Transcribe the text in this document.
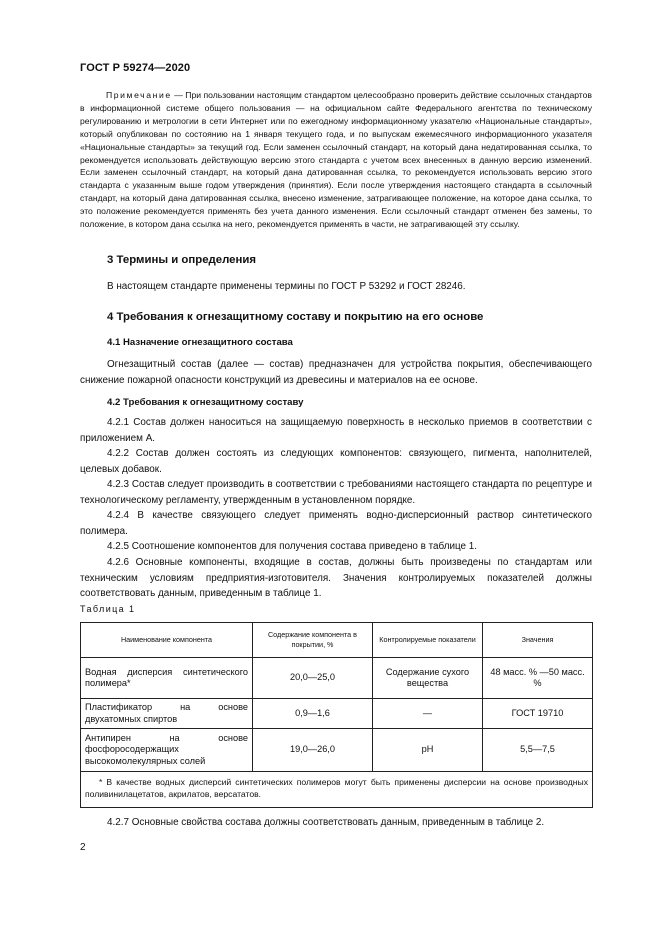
ГОСТ Р 59274—2020
Примечание — При пользовании настоящим стандартом целесообразно проверить действие ссылочных стандартов в информационной системе общего пользования — на официальном сайте Федерального агентства по техническому регулированию и метрологии в сети Интернет или по ежегодному информационному указателю «Национальные стандарты», который опубликован по состоянию на 1 января текущего года, и по выпускам ежемесячного информационного указателя «Национальные стандарты» за текущий год. Если заменен ссылочный стандарт, на который дана недатированная ссылка, то рекомендуется использовать действующую версию этого стандарта с учетом всех внесенных в данную версию изменений. Если заменен ссылочный стандарт, на который дана датированная ссылка, то рекомендуется использовать версию этого стандарта с указанным выше годом утверждения (принятия). Если после утверждения настоящего стандарта в ссылочный стандарт, на который дана датированная ссылка, внесено изменение, затрагивающее положение, на которое дана ссылка, то это положение рекомендуется применять без учета данного изменения. Если ссылочный стандарт отменен без замены, то положение, в котором дана ссылка на него, рекомендуется применять в части, не затрагивающей эту ссылку.
3 Термины и определения
В настоящем стандарте применены термины по ГОСТ Р 53292 и ГОСТ 28246.
4 Требования к огнезащитному составу и покрытию на его основе
4.1 Назначение огнезащитного состава
Огнезащитный состав (далее — состав) предназначен для устройства покрытия, обеспечивающего снижение пожарной опасности конструкций из древесины и материалов на ее основе.
4.2 Требования к огнезащитному составу
4.2.1 Состав должен наноситься на защищаемую поверхность в несколько приемов в соответствии с приложением А.
4.2.2 Состав должен состоять из следующих компонентов: связующего, пигмента, наполнителей, целевых добавок.
4.2.3 Состав следует производить в соответствии с требованиями настоящего стандарта по рецептуре и технологическому регламенту, утвержденным в установленном порядке.
4.2.4 В качестве связующего следует применять водно-дисперсионный раствор синтетического полимера.
4.2.5 Соотношение компонентов для получения состава приведено в таблице 1.
4.2.6 Основные компоненты, входящие в состав, должны быть произведены по стандартам или техническим условиям предприятия-изготовителя. Значения контролируемых показателей должны соответствовать данным, приведенным в таблице 1.
Таблица 1
Наименование компонента	Содержание компонента в покрытии, %	Контролируемые показатели	Значения
Водная дисперсия синтетического полимера*	20,0—25,0	Содержание сухого вещества	48 масс. % —50 масс. %
Пластификатор на основе двухатомных спиртов	0,9—1,6	—	ГОСТ 19710
Антипирен на основе фосфоросодержащих высокомолекулярных солей	19,0—26,0	pH	5,5—7,5
* В качестве водных дисперсий синтетических полимеров могут быть применены дисперсии на основе производных поливинилацетатов, акрилатов, версататов.			
4.2.7 Основные свойства состава должны соответствовать данным, приведенным в таблице 2.
2
